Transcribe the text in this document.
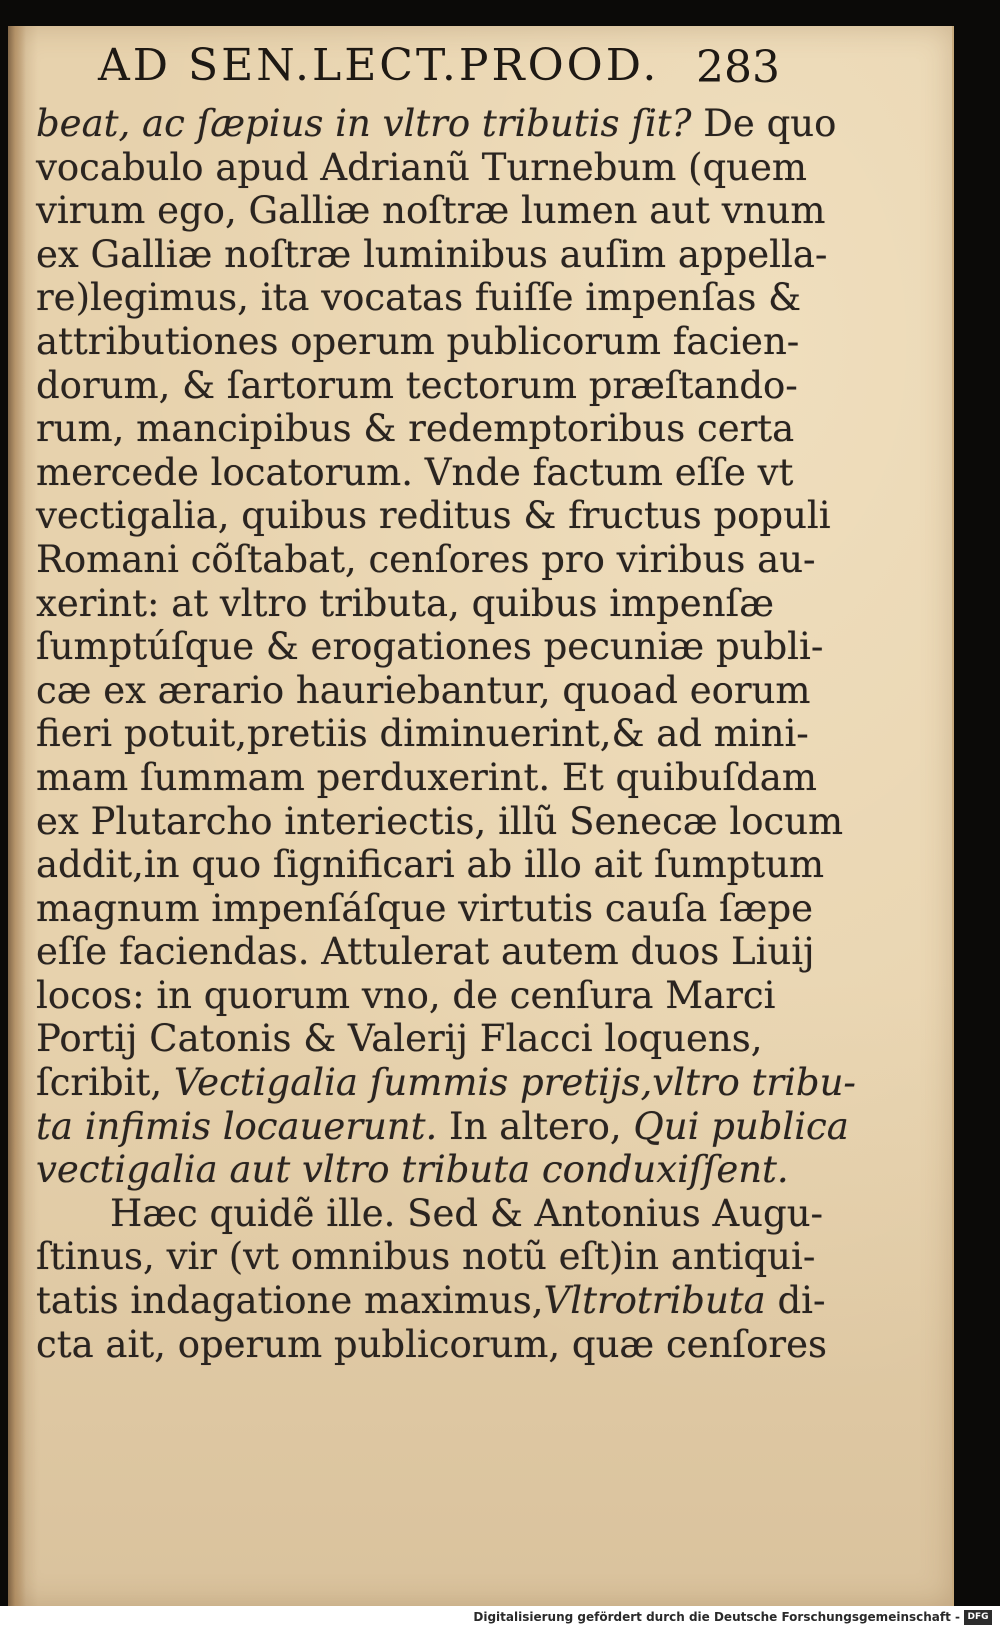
AD SEN.LECT.PROOD. 283
beat, ac ſæpius in vltro tributis ſit? De quo
vocabulo apud Adrianũ Turnebum (quem
virum ego, Galliæ noſtræ lumen aut vnum
ex Galliæ noſtræ luminibus auſim appella-
re)legimus, ita vocatas fuiſſe impenſas &
attributiones operum publicorum facien-
dorum, & ſartorum tectorum præſtando-
rum, mancipibus & redemptoribus certa
mercede locatorum. Vnde factum eſſe vt
vectigalia, quibus reditus & fructus populi
Romani cõſtabat, cenſores pro viribus au-
xerint: at vltro tributa, quibus impenſæ
ſumptúſque & erogationes pecuniæ publi-
cæ ex ærario hauriebantur, quoad eorum
fieri potuit,pretiis diminuerint,& ad mini-
mam ſummam perduxerint. Et quibuſdam
ex Plutarcho interiectis, illũ Senecæ locum
addit,in quo ſignificari ab illo ait ſumptum
magnum impenſáſque virtutis cauſa ſæpe
eſſe faciendas. Attulerat autem duos Liuij
locos: in quorum vno, de cenſura Marci
Portij Catonis & Valerij Flacci loquens,
ſcribit, Vectigalia ſummis pretijs,vltro tribu-
ta infimis locauerunt. In altero, Qui publica
vectigalia aut vltro tributa conduxiſſent.
  Hæc quidẽ ille. Sed & Antonius Augu-
ſtinus, vir (vt omnibus notũ eſt)in antiqui-
tatis indagatione maximus,Vltrotributa di-
cta ait, operum publicorum, quæ cenſores
Digitalisierung gefördert durch die Deutsche Forschungsgemeinschaft - DFG
